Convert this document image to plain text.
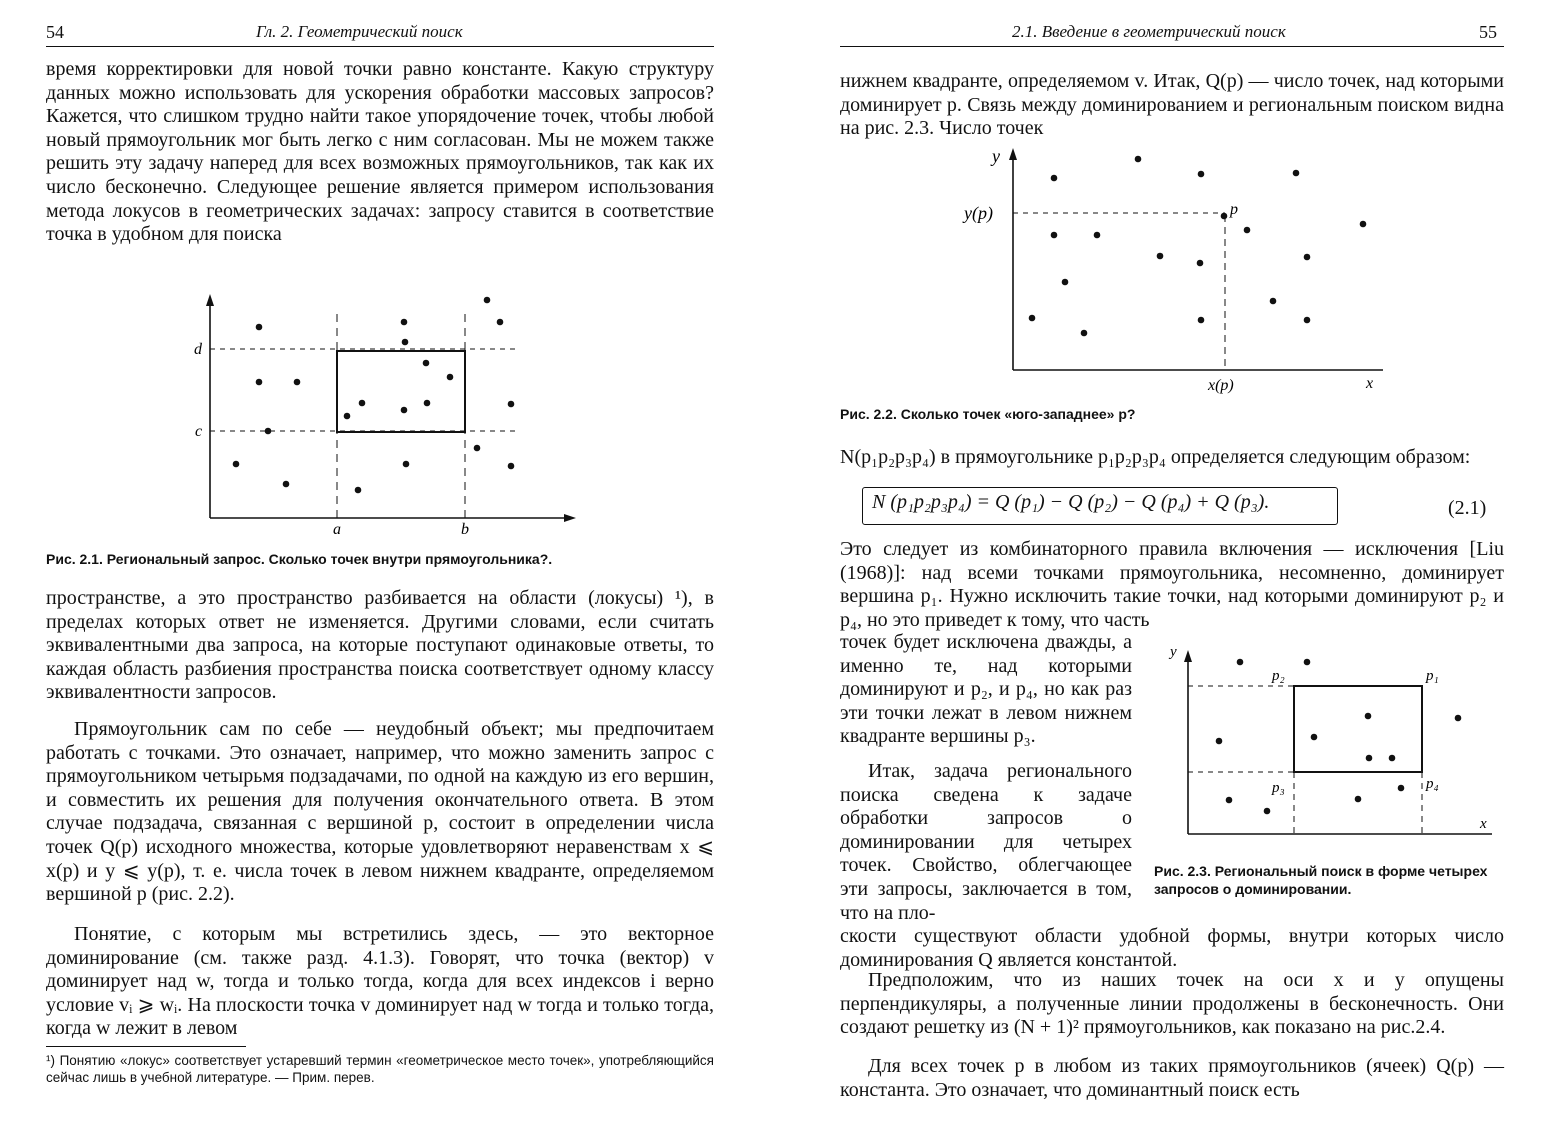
54	Гл. 2. Геометрический поиск

время корректировки для новой точки равно константе. Какую структуру данных можно использовать для ускорения обработки массовых запросов? Кажется, что слишком трудно найти такое упорядочение точек, чтобы любой новый прямоугольник мог быть легко с ним согласован. Мы не можем также решить эту задачу наперед для всех возможных прямоугольников, так как их число бесконечно. Следующее решение является примером использования метода локусов в геометрических задачах: запросу ставится в соответствие точка в удобном для поиска

d
c
a	b

Рис. 2.1. Региональный запрос. Сколько точек внутри прямоугольника?.

пространстве, а это пространство разбивается на области (локусы) ¹), в пределах которых ответ не изменяется. Другими словами, если считать эквивалентными два запроса, на которые поступают одинаковые ответы, то каждая область разбиения пространства поиска соответствует одному классу эквивалентности запросов.

Прямоугольник сам по себе — неудобный объект; мы предпочитаем работать с точками. Это означает, например, что можно заменить запрос с прямоугольником четырьмя подзадачами, по одной на каждую из его вершин, и совместить их решения для получения окончательного ответа. В этом случае подзадача, связанная с вершиной p, состоит в определении числа точек Q(p) исходного множества, которые удовлетворяют неравенствам x ⩽ x(p) и y ⩽ y(p), т. е. числа точек в левом нижнем квадранте, определяемом вершиной p (рис. 2.2).

Понятие, с которым мы встретились здесь, — это векторное доминирование (см. также разд. 4.1.3). Говорят, что точка (вектор) v доминирует над w, тогда и только тогда, когда для всех индексов i верно условие vᵢ ⩾ wᵢ. На плоскости точка v доминирует над w тогда и только тогда, когда w лежит в левом

¹) Понятию «локус» соответствует устаревший термин «геометрическое место точек», употребляющийся сейчас лишь в учебной литературе. — Прим. перев.

2.1. Введение в геометрический поиск	55

нижнем квадранте, определяемом v. Итак, Q(p) — число точек, над которыми доминирует p. Связь между доминированием и региональным поиском видна на рис. 2.3. Число точек

y
y(p)	p
x(p)	x

Рис. 2.2. Сколько точек «юго-западнее» p?

N(p₁p₂p₃p₄) в прямоугольнике p₁p₂p₃p₄ определяется следующим образом:

N (p₁p₂p₃p₄) = Q (p₁) − Q (p₂) − Q (p₄) + Q (p₃).	(2.1)

Это следует из комбинаторного правила включения — исключения [Liu (1968)]: над всеми точками прямоугольника, несомненно, доминирует вершина p₁. Нужно исключить такие точки, над которыми доминируют p₂ и p₄, но это приведет к тому, что часть

точек будет исключена дважды, а именно те, над которыми доминируют и p₂, и p₄, но как раз эти точки лежат в левом нижнем квадранте вершины p₃.

Итак, задача регионального поиска сведена к задаче обработки запросов о доминировании для четырех точек. Свойство, облегчающее эти запросы, заключается в том, что на пло-

скости существуют области удобной формы, внутри которых число доминирования Q является константой.

y
x
p₁
p₂
p₃	p₄

Рис. 2.3. Региональный поиск в форме четырех запросов о доминировании.

Предположим, что из наших точек на оси x и y опущены перпендикуляры, а полученные линии продолжены в бесконечность. Они создают решетку из (N + 1)² прямоугольников, как показано на рис.2.4.

Для всех точек p в любом из таких прямоугольников (ячеек) Q(p) — константа. Это означает, что доминантный поиск есть
